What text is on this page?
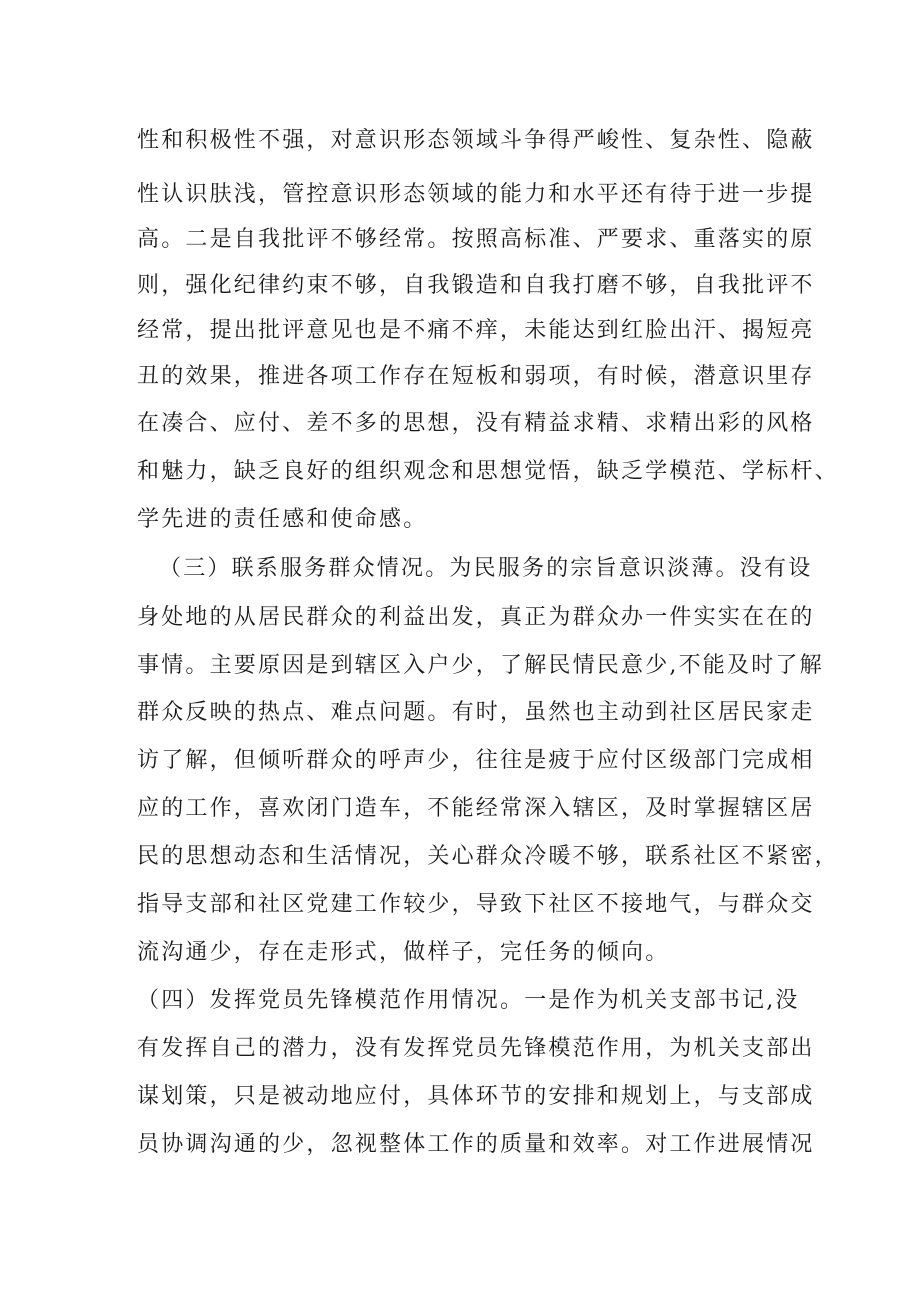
性和积极性不强，对意识形态领域斗争得严峻性、复杂性、隐蔽
性认识肤浅，管控意识形态领域的能力和水平还有待于进一步提
高。二是自我批评不够经常。按照高标准、严要求、重落实的原
则，强化纪律约束不够，自我锻造和自我打磨不够，自我批评不
经常，提出批评意见也是不痛不痒，未能达到红脸出汗、揭短亮
丑的效果，推进各项工作存在短板和弱项，有时候，潜意识里存
在凑合、应付、差不多的思想，没有精益求精、求精出彩的风格
和魅力，缺乏良好的组织观念和思想觉悟，缺乏学模范、学标杆、
学先进的责任感和使命感。
（三）联系服务群众情况。为民服务的宗旨意识淡薄。没有设
身处地的从居民群众的利益出发，真正为群众办一件实实在在的
事情。主要原因是到辖区入户少，了解民情民意少,不能及时了解
群众反映的热点、难点问题。有时，虽然也主动到社区居民家走
访了解，但倾听群众的呼声少，往往是疲于应付区级部门完成相
应的工作，喜欢闭门造车，不能经常深入辖区，及时掌握辖区居
民的思想动态和生活情况，关心群众冷暖不够，联系社区不紧密，
指导支部和社区党建工作较少，导致下社区不接地气，与群众交
流沟通少，存在走形式，做样子，完任务的倾向。
（四）发挥党员先锋模范作用情况。一是作为机关支部书记,没
有发挥自己的潜力，没有发挥党员先锋模范作用，为机关支部出
谋划策，只是被动地应付，具体环节的安排和规划上，与支部成
员协调沟通的少，忽视整体工作的质量和效率。对工作进展情况
